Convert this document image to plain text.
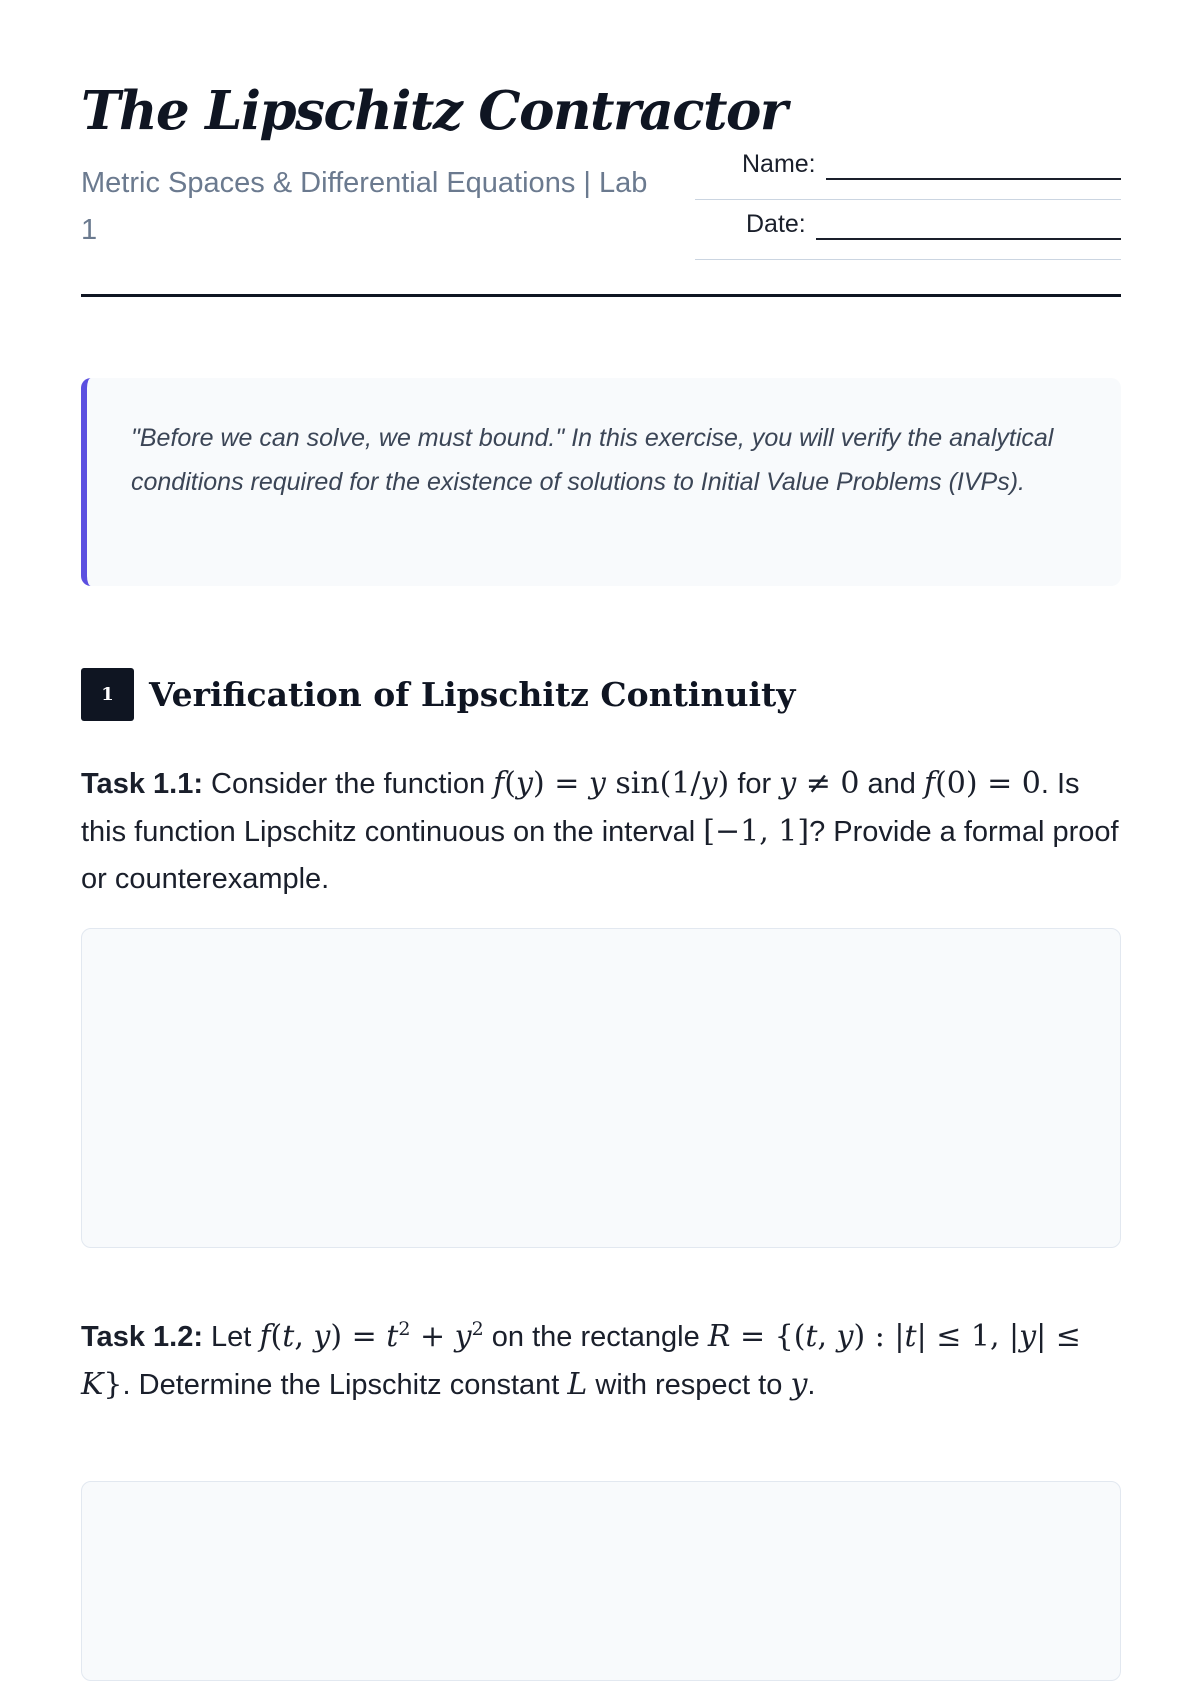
The Lipschitz Contractor
Metric Spaces & Differential Equations | Lab 1
Name:
Date:
"Before we can solve, we must bound." In this exercise, you will verify the analytical conditions required for the existence of solutions to Initial Value Problems (IVPs).
1	Verification of Lipschitz Continuity
Task 1.1: Consider the function f(y) = y sin(1/y) for y ≠ 0 and f(0) = 0. Is this function Lipschitz continuous on the interval [−1, 1]? Provide a formal proof or counterexample.
Task 1.2: Let f(t, $y) = t^2 + y^2$ on the rectangle R = {(t, y) : |t| ≤ 1, |y| ≤ K}. Determine the Lipschitz constant L with respect to y.
